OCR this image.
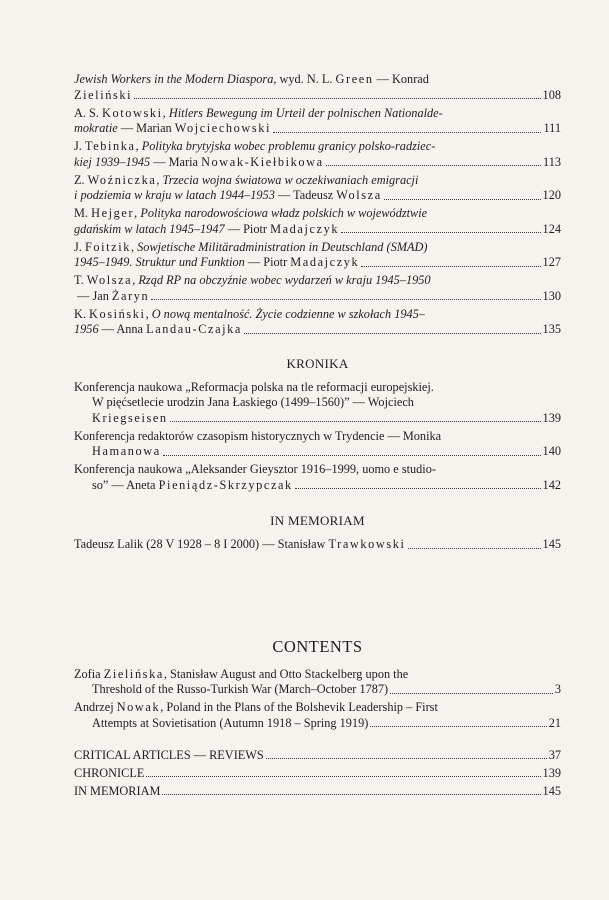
Jewish Workers in the Modern Diaspora , wyd. N. L. Green — Konrad
Zieliński	108
A. S. Kotowski , Hitlers Bewegung im Urteil der polnischen Nationalde-
mokratie — Marian Wojciechowski	111
J. Tebinka , Polityka brytyjska wobec problemu granicy polsko-radziec-
kiej 1939–1945 — Maria Nowak-Kiełbikowa	113
Z. Woźniczka , Trzecia wojna światowa w oczekiwaniach emigracji
i podziemia w kraju w latach 1944–1953 — Tadeusz Wolsza	120
M. Hejger , Polityka narodowościowa władz polskich w województwie
gdańskim w latach 1945–1947 — Piotr Madajczyk	124
J. Foitzik , Sowjetische Militäradministration in Deutschland (SMAD)
1945–1949. Struktur und Funktion — Piotr Madajczyk	127
T. Wolsza , Rząd RP na obczyźnie wobec wydarzeń w kraju 1945–1950
— Jan Żaryn	130
K. Kosiński , O nową mentalność. Życie codzienne w szkołach 1945–
1956 — Anna Landau-Czajka	135
KRONIKA
Konferencja naukowa „Reformacja polska na tle reformacji europejskiej.
W pięćsetlecie urodzin Jana Łaskiego (1499–1560)” — Wojciech
Kriegseisen	139
Konferencja redaktorów czasopism historycznych w Trydencie — Monika
Hamanowa	140
Konferencja naukowa „Aleksander Gieysztor 1916–1999, uomo e studio-
so” — Aneta Pieniądz-Skrzypczak	142
IN MEMORIAM
Tadeusz Lalik (28 V 1928 – 8 I 2000) — Stanisław Trawkowski	145
CONTENTS
Zofia Zielińska , Stanisław August and Otto Stackelberg upon the
Threshold of the Russo-Turkish War (March–October 1787)	3
Andrzej Nowak , Poland in the Plans of the Bolshevik Leadership – First
Attempts at Sovietisation (Autumn 1918 – Spring 1919)	21
CRITICAL ARTICLES — REVIEWS	37
CHRONICLE	139
IN MEMORIAM	145
